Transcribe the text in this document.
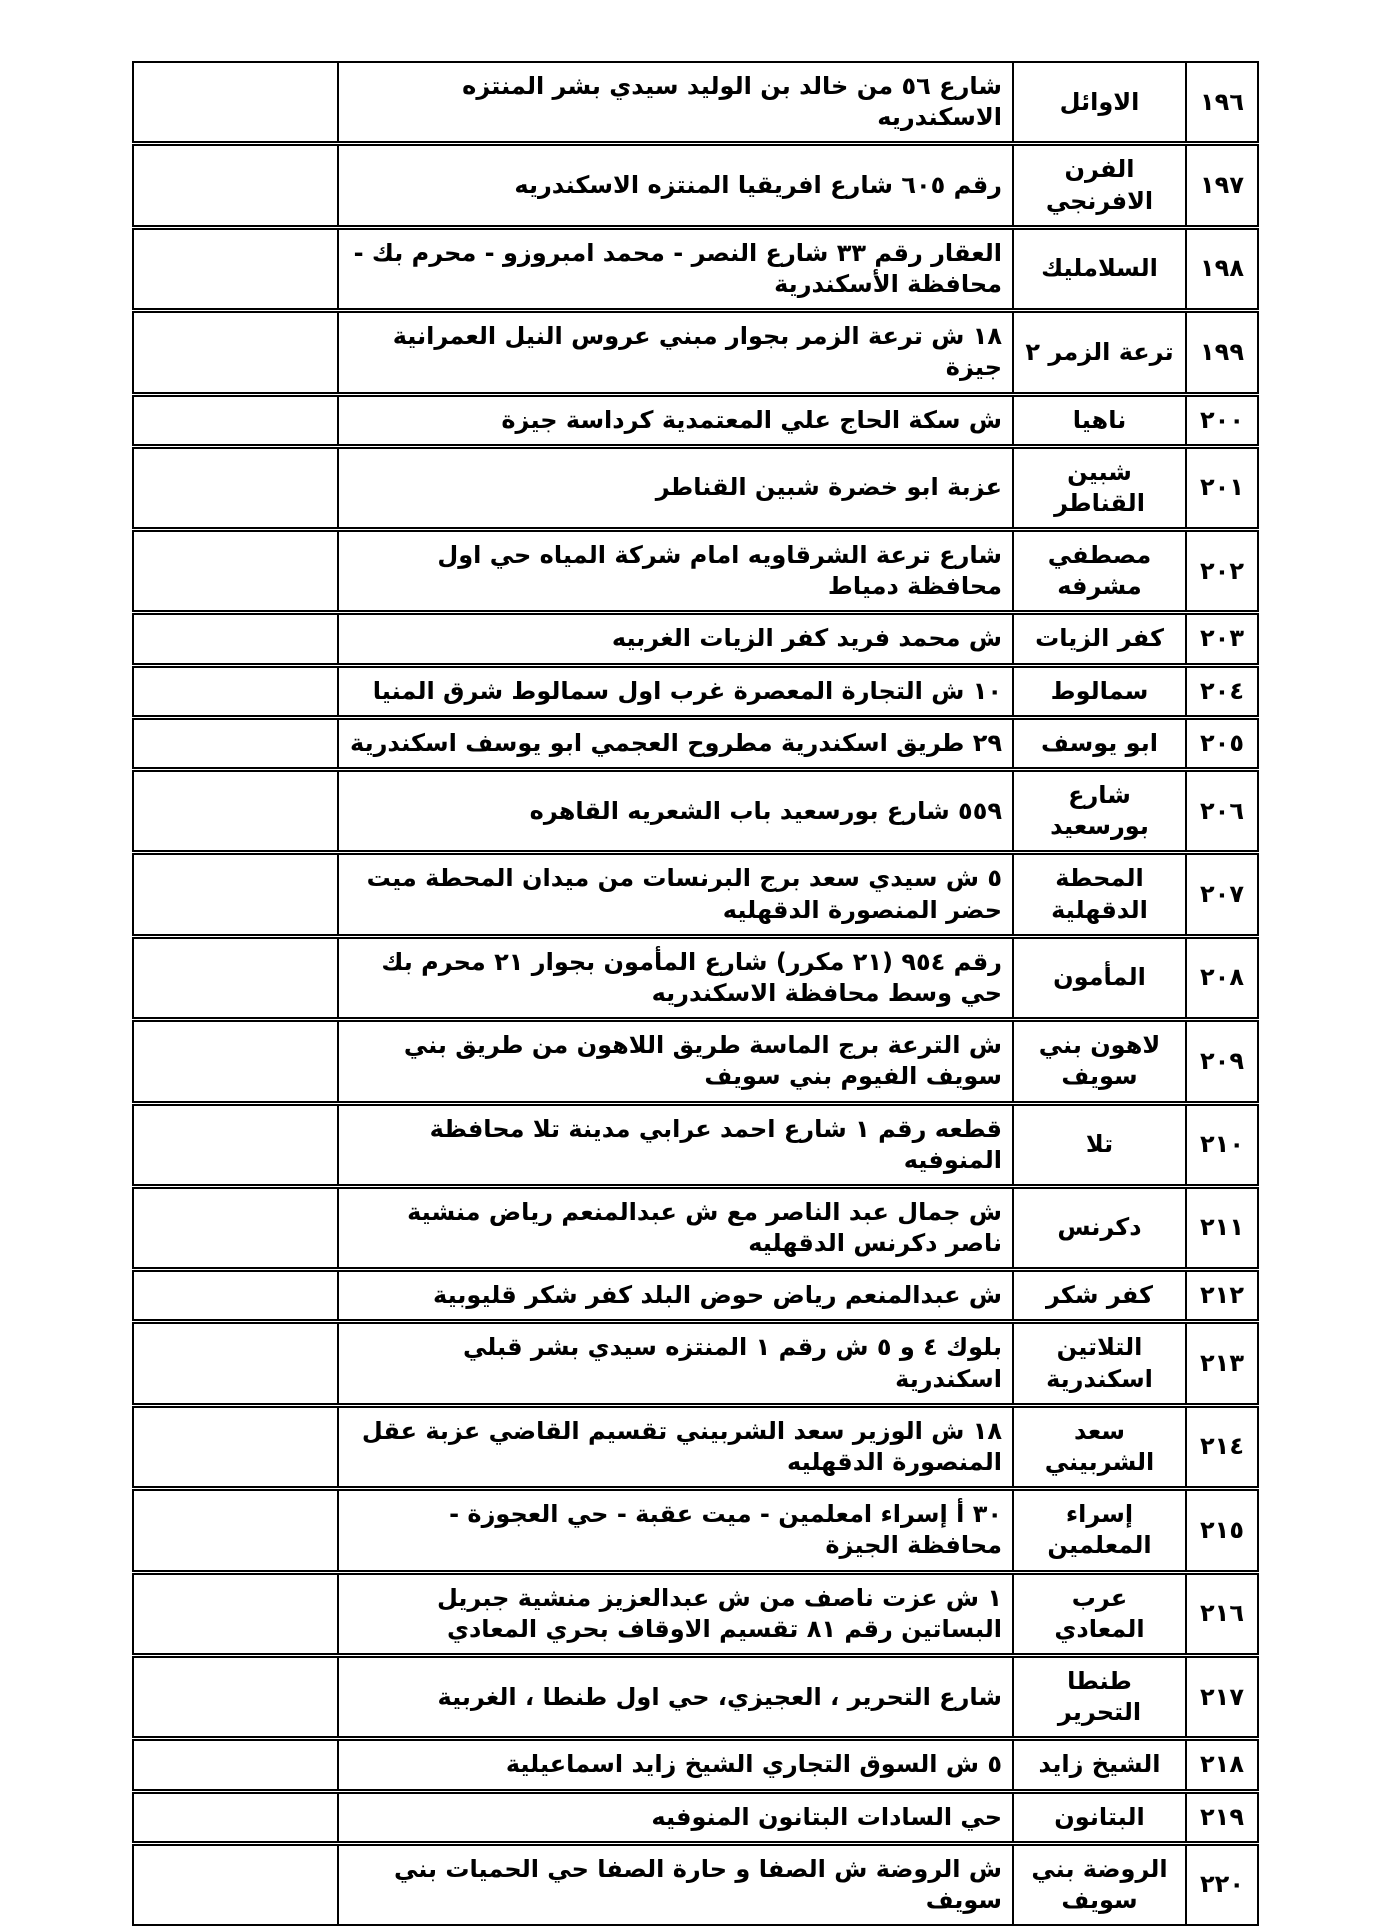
١٩٦	الاوائل	شارع ٥٦ من خالد بن الوليد سيدي بشر المنتزه الاسكندريه	
١٩٧	الفرن الافرنجي	رقم ٦٠٥ شارع افريقيا المنتزه الاسكندريه	
١٩٨	السلامليك	العقار رقم ٣٣ شارع النصر - محمد امبروزو - محرم بك - محافظة الأسكندرية	
١٩٩	ترعة الزمر ٢	١٨ ش ترعة الزمر بجوار مبني عروس النيل العمرانية جيزة	
٢٠٠	ناهيا	ش سكة الحاج علي المعتمدية كرداسة جيزة	
٢٠١	شبين القناطر	عزبة ابو خضرة شبين القناطر	
٢٠٢	مصطفي مشرفه	شارع ترعة الشرقاويه امام شركة المياه حي اول محافظة دمياط	
٢٠٣	كفر الزيات	ش محمد فريد كفر الزيات الغربيه	
٢٠٤	سمالوط	١٠ ش التجارة المعصرة غرب اول سمالوط شرق المنيا	
٢٠٥	ابو يوسف	٢٩ طريق اسكندرية مطروح العجمي ابو يوسف اسكندرية	
٢٠٦	شارع بورسعيد	٥٥٩ شارع بورسعيد باب الشعريه القاهره	
٢٠٧	المحطة الدقهلية	٥ ش سيدي سعد برج البرنسات من ميدان المحطة ميت حضر المنصورة الدقهليه	
٢٠٨	المأمون	رقم ٩٥٤ (٢١ مكرر) شارع المأمون بجوار ٢١ محرم بك حي وسط محافظة الاسكندريه	
٢٠٩	لاهون بني سويف	ش الترعة برج الماسة طريق اللاهون من طريق بني سويف الفيوم بني سويف	
٢١٠	تلا	قطعه رقم ١ شارع احمد عرابي مدينة تلا محافظة المنوفيه	
٢١١	دكرنس	ش جمال عبد الناصر مع ش عبدالمنعم رياض منشية ناصر دكرنس الدقهليه	
٢١٢	كفر شكر	ش عبدالمنعم رياض حوض البلد كفر شكر قليوبية	
٢١٣	التلاتين اسكندرية	بلوك ٤ و ٥ ش رقم ١ المنتزه سيدي بشر قبلي اسكندرية	
٢١٤	سعد الشربيني	١٨ ش الوزير سعد الشربيني تقسيم القاضي عزبة عقل المنصورة الدقهليه	
٢١٥	إسراء المعلمين	٣٠ أ إسراء امعلمين - ميت عقبة - حي العجوزة - محافظة الجيزة	
٢١٦	عرب المعادي	١ ش عزت ناصف من ش عبدالعزيز منشية جبريل البساتين رقم ٨١ تقسيم الاوقاف بحري المعادي	
٢١٧	طنطا التحرير	شارع التحرير ، العجيزي، حي اول طنطا ، الغربية	
٢١٨	الشيخ زايد	٥ ش السوق التجاري الشيخ زايد اسماعيلية	
٢١٩	البتانون	حي السادات البتانون المنوفيه	
٢٢٠	الروضة بني سويف	ش الروضة ش الصفا و حارة الصفا حي الحميات بني سويف	
